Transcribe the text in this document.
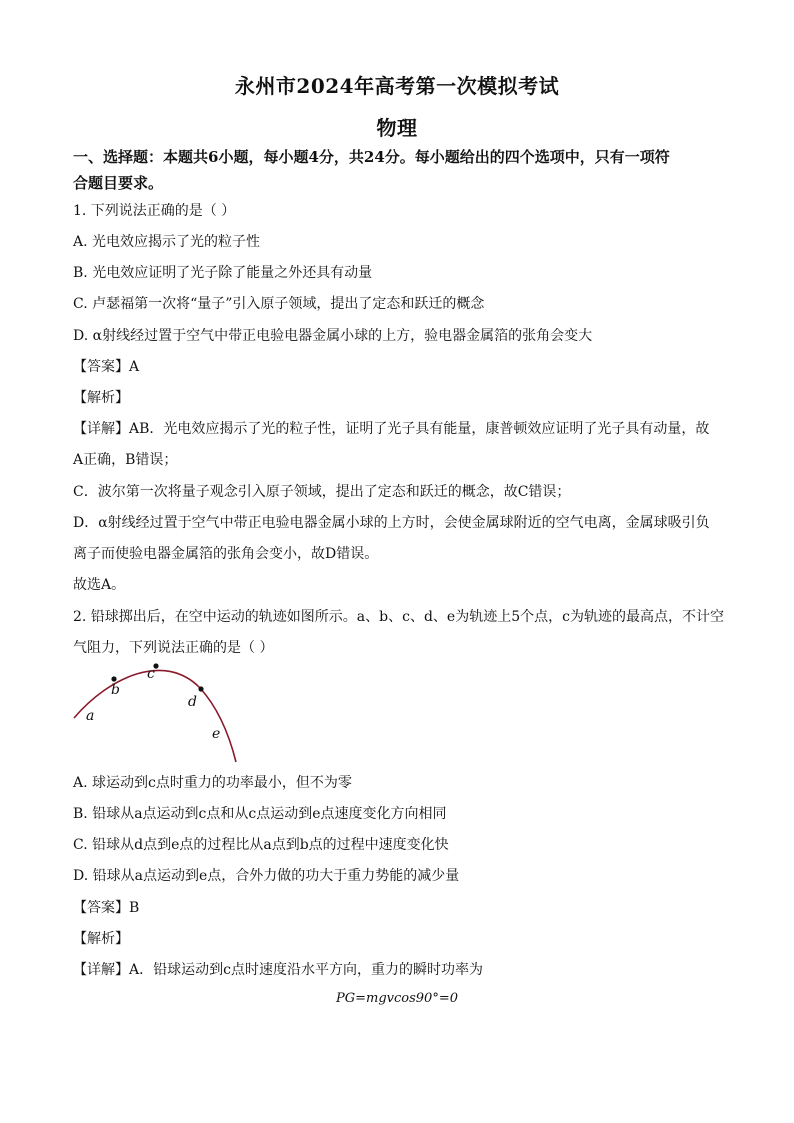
永州市2024年高考第一次模拟考试
物理
一、选择题：本题共6小题，每小题4分，共24分。每小题给出的四个选项中，只有一项符
合题目要求。
1. 下列说法正确的是（ ）
A. 光电效应揭示了光的粒子性
B. 光电效应证明了光子除了能量之外还具有动量
C. 卢瑟福第一次将“量子”引入原子领域，提出了定态和跃迁的概念
D. α射线经过置于空气中带正电验电器金属小球的上方，验电器金属箔的张角会变大
【答案】A
【解析】
【详解】AB．光电效应揭示了光的粒子性，证明了光子具有能量，康普顿效应证明了光子具有动量，故
A正确，B错误；
C．波尔第一次将量子观念引入原子领域，提出了定态和跃迁的概念，故C错误；
D．α射线经过置于空气中带正电验电器金属小球的上方时，会使金属球附近的空气电离，金属球吸引负
离子而使验电器金属箔的张角会变小，故D错误。
故选A。
2. 铅球掷出后，在空中运动的轨迹如图所示。a、b、c、d、e为轨迹上5个点，c为轨迹的最高点，不计空
气阻力，下列说法正确的是（ ）
a
b
c
d
e
A. 球运动到c点时重力的功率最小，但不为零
B. 铅球从a点运动到c点和从c点运动到e点速度变化方向相同
C. 铅球从d点到e点的过程比从a点到b点的过程中速度变化快
D. 铅球从a点运动到e点，合外力做的功大于重力势能的减少量
【答案】B
【解析】
【详解】A．铅球运动到c点时速度沿水平方向，重力的瞬时功率为
PG=mgvcos90°=0
